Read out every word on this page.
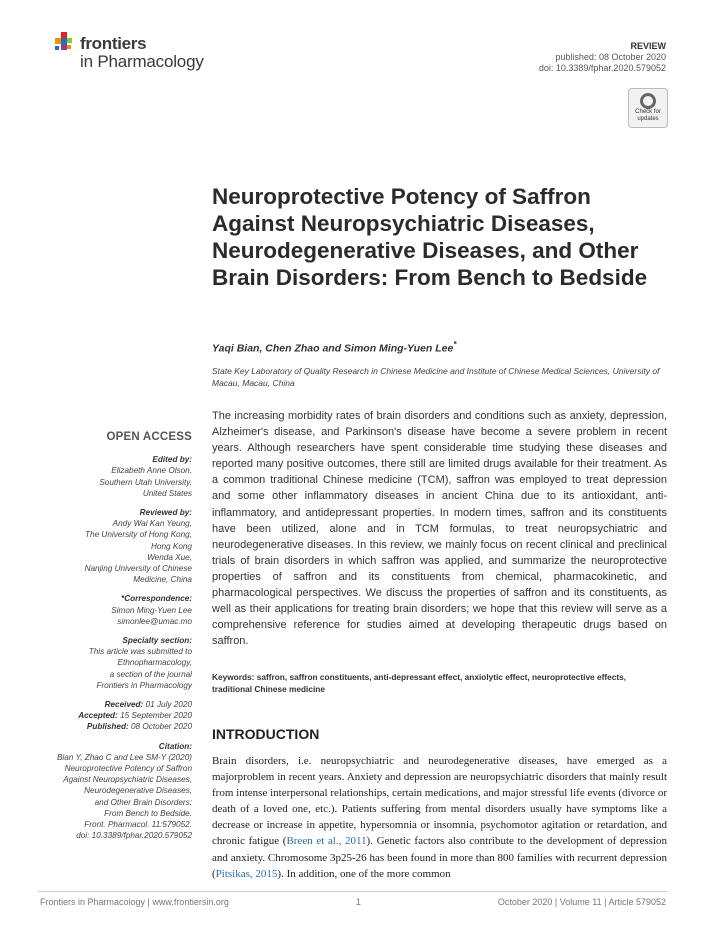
frontiers
in Pharmacology
REVIEW
published: 08 October 2020
doi: 10.3389/fphar.2020.579052
Check for
updates
Neuroprotective Potency of Saffron Against Neuropsychiatric Diseases, Neurodegenerative Diseases, and Other Brain Disorders: From Bench to Bedside
Yaqi Bian, Chen Zhao and Simon Ming-Yuen Lee*
State Key Laboratory of Quality Research in Chinese Medicine and Institute of Chinese Medical Sciences, University of Macau, Macau, China
The increasing morbidity rates of brain disorders and conditions such as anxiety, depression, Alzheimer's disease, and Parkinson's disease have become a severe problem in recent years. Although researchers have spent considerable time studying these diseases and reported many positive outcomes, there still are limited drugs available for their treatment. As a common traditional Chinese medicine (TCM), saffron was employed to treat depression and some other inflammatory diseases in ancient China due to its antioxidant, anti-inflammatory, and antidepressant properties. In modern times, saffron and its constituents have been utilized, alone and in TCM formulas, to treat neuropsychiatric and neurodegenerative diseases. In this review, we mainly focus on recent clinical and preclinical trials of brain disorders in which saffron was applied, and summarize the neuroprotective properties of saffron and its constituents from chemical, pharmacokinetic, and pharmacological perspectives. We discuss the properties of saffron and its constituents, as well as their applications for treating brain disorders; we hope that this review will serve as a comprehensive reference for studies aimed at developing therapeutic drugs based on saffron.
Keywords: saffron, saffron constituents, anti-depressant effect, anxiolytic effect, neuroprotective effects, traditional Chinese medicine
INTRODUCTION
Brain disorders, i.e. neuropsychiatric and neurodegenerative diseases, have emerged as a majorproblem in recent years. Anxiety and depression are neuropsychiatric disorders that mainly result from intense interpersonal relationships, certain medications, and major stressful life events (divorce or death of a loved one, etc.). Patients suffering from mental disorders usually have symptoms like a decrease or increase in appetite, hypersomnia or insomnia, psychomotor agitation or retardation, and chronic fatigue (Breen et al., 2011). Genetic factors also contribute to the development of depression and anxiety. Chromosome 3p25-26 has been found in more than 800 families with recurrent depression (Pitsikas, 2015). In addition, one of the more common
OPEN ACCESS
Edited by:
Elizabeth Anne Olson,
Southern Utah University,
United States
Reviewed by:
Andy Wai Kan Yeung,
The University of Hong Kong,
Hong Kong
Wenda Xue,
Nanjing University of Chinese
Medicine, China
*Correspondence:
Simon Ming-Yuen Lee
simonlee@umac.mo
Specialty section:
This article was submitted to
Ethnopharmacology,
a section of the journal
Frontiers in Pharmacology
Received: 01 July 2020
Accepted: 15 September 2020
Published: 08 October 2020
Citation:
Bian Y, Zhao C and Lee SM-Y (2020)
Neuroprotective Potency of Saffron
Against Neuropsychiatric Diseases,
Neurodegenerative Diseases,
and Other Brain Disorders:
From Bench to Bedside.
Front. Pharmacol. 11:579052.
doi: 10.3389/fphar.2020.579052
Frontiers in Pharmacology | www.frontiersin.org	1	October 2020 | Volume 11 | Article 579052
